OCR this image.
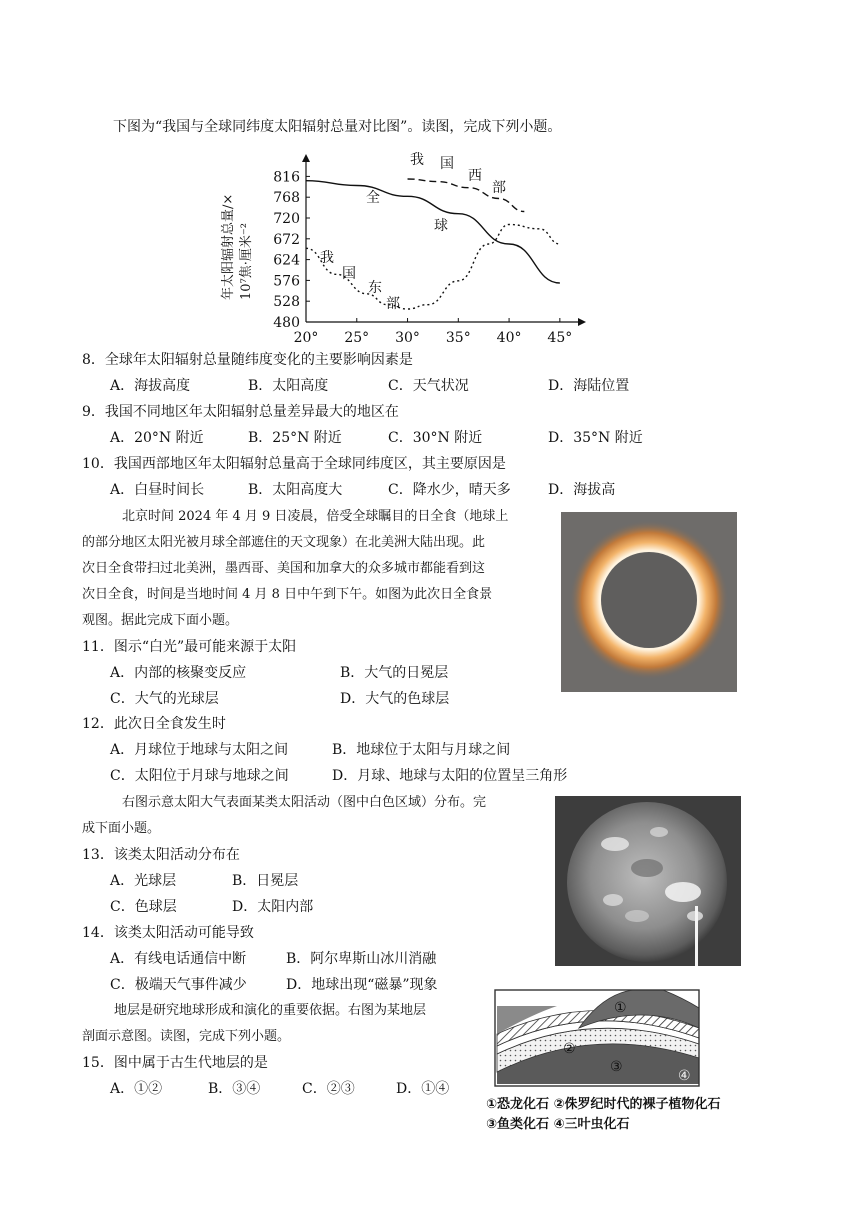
下图为“我国与全球同纬度太阳辐射总量对比图”。读图，完成下列小题。
816
768
720
672
624
576
528
480
20° 25° 30° 35° 40° 45°
年太阳辐射总量/× 10⁷焦·厘米⁻²
全
球
我 国
西
部
我
国
东
部
8．全球年太阳辐射总量随纬度变化的主要影响因素是
A．海拔高度	B．太阳高度	C．天气状况	D．海陆位置
9．我国不同地区年太阳辐射总量差异最大的地区在
A．20°N 附近	B．25°N 附近	C．30°N 附近	D．35°N 附近
10．我国西部地区年太阳辐射总量高于全球同纬度区，其主要原因是
A．白昼时间长	B．太阳高度大	C．降水少，晴天多	D．海拔高
北京时间 2024 年 4 月 9 日凌晨，倍受全球瞩目的日全食（地球上
的部分地区太阳光被月球全部遮住的天文现象）在北美洲大陆出现。此
次日全食带扫过北美洲，墨西哥、美国和加拿大的众多城市都能看到这
次日全食，时间是当地时间 4 月 8 日中午到下午。如图为此次日全食景
观图。据此完成下面小题。
11．图示“白光”最可能来源于太阳
A．内部的核聚变反应	B．大气的日冕层
C．大气的光球层	D．大气的色球层
12．此次日全食发生时
A．月球位于地球与太阳之间	B．地球位于太阳与月球之间
C．太阳位于月球与地球之间	D．月球、地球与太阳的位置呈三角形
右图示意太阳大气表面某类太阳活动（图中白色区域）分布。完
成下面小题。
13．该类太阳活动分布在
A．光球层	B．日冕层
C．色球层	D．太阳内部
14．该类太阳活动可能导致
A．有线电话通信中断	B．阿尔卑斯山冰川消融
C．极端天气事件减少	D．地球出现“磁暴”现象
地层是研究地球形成和演化的重要依据。右图为某地层
剖面示意图。读图，完成下列小题。
15．图中属于古生代地层的是
A．①②	B．③④	C．②③	D．①④
①
②
③
④
①恐龙化石 ②侏罗纪时代的裸子植物化石
③鱼类化石 ④三叶虫化石
